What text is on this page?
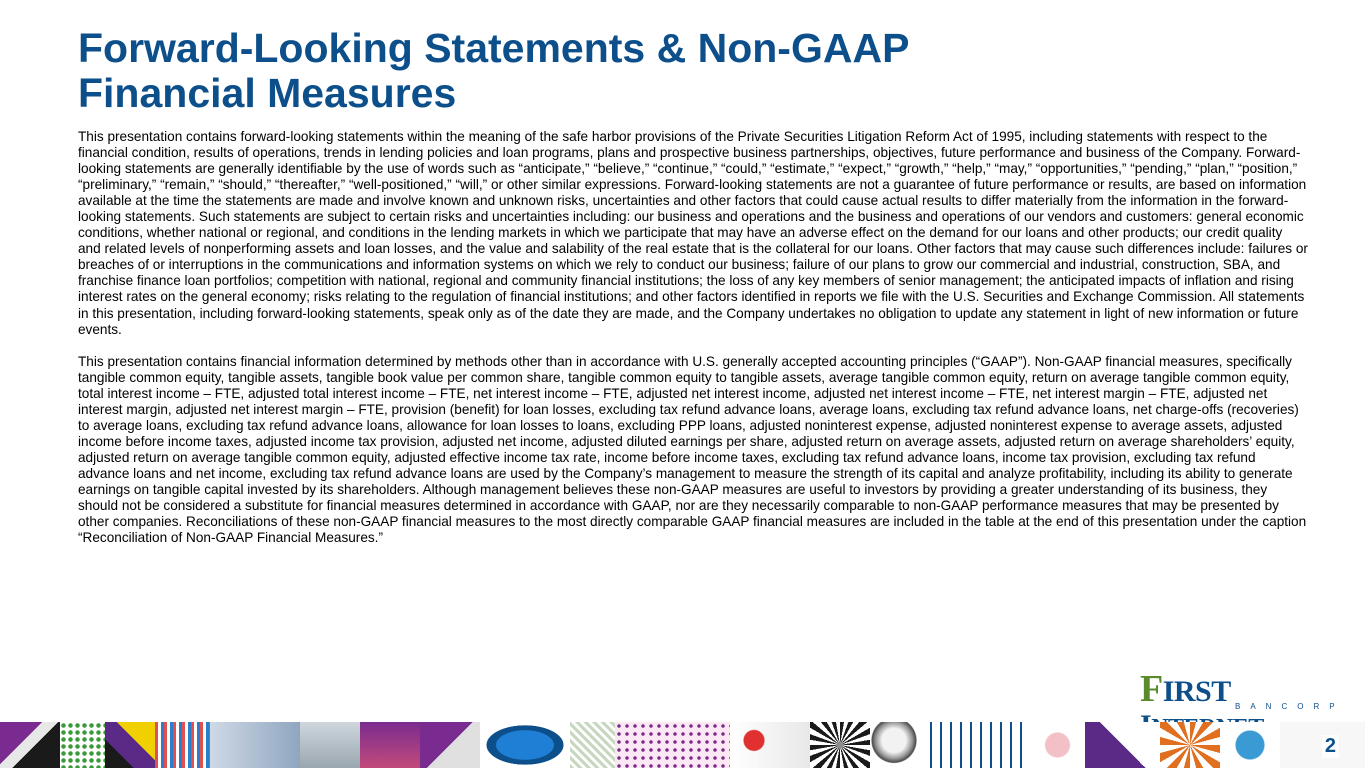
Forward-Looking Statements & Non-GAAP Financial Measures

This presentation contains forward-looking statements within the meaning of the safe harbor provisions of the Private Securities Litigation Reform Act of 1995, including statements with respect to the financial condition, results of operations, trends in lending policies and loan programs, plans and prospective business partnerships, objectives, future performance and business of the Company. Forward-looking statements are generally identifiable by the use of words such as “anticipate,” “believe,” “continue,” “could,” “estimate,” “expect,” “growth,” “help,” “may,” “opportunities,” “pending,” “plan,” “position,” “preliminary,” “remain,” “should,” “thereafter,” “well-positioned,” “will,” or other similar expressions. Forward-looking statements are not a guarantee of future performance or results, are based on information available at the time the statements are made and involve known and unknown risks, uncertainties and other factors that could cause actual results to differ materially from the information in the forward-looking statements. Such statements are subject to certain risks and uncertainties including: our business and operations and the business and operations of our vendors and customers: general economic conditions, whether national or regional, and conditions in the lending markets in which we participate that may have an adverse effect on the demand for our loans and other products; our credit quality and related levels of nonperforming assets and loan losses, and the value and salability of the real estate that is the collateral for our loans. Other factors that may cause such differences include: failures or breaches of or interruptions in the communications and information systems on which we rely to conduct our business; failure of our plans to grow our commercial and industrial, construction, SBA, and franchise finance loan portfolios; competition with national, regional and community financial institutions; the loss of any key members of senior management; the anticipated impacts of inflation and rising interest rates on the general economy; risks relating to the regulation of financial institutions; and other factors identified in reports we file with the U.S. Securities and Exchange Commission. All statements in this presentation, including forward-looking statements, speak only as of the date they are made, and the Company undertakes no obligation to update any statement in light of new information or future events.

This presentation contains financial information determined by methods other than in accordance with U.S. generally accepted accounting principles (“GAAP”). Non-GAAP financial measures, specifically tangible common equity, tangible assets, tangible book value per common share, tangible common equity to tangible assets, average tangible common equity, return on average tangible common equity, total interest income – FTE, adjusted total interest income – FTE, net interest income – FTE, adjusted net interest income, adjusted net interest income – FTE, net interest margin – FTE, adjusted net interest margin, adjusted net interest margin – FTE, provision (benefit) for loan losses, excluding tax refund advance loans, average loans, excluding tax refund advance loans, net charge-offs (recoveries) to average loans, excluding tax refund advance loans, allowance for loan losses to loans, excluding PPP loans, adjusted noninterest expense, adjusted noninterest expense to average assets, adjusted income before income taxes, adjusted income tax provision, adjusted net income, adjusted diluted earnings per share, adjusted return on average assets, adjusted return on average shareholders’ equity, adjusted return on average tangible common equity, adjusted effective income tax rate, income before income taxes, excluding tax refund advance loans, income tax provision, excluding tax refund advance loans and net income, excluding tax refund advance loans are used by the Company’s management to measure the strength of its capital and analyze profitability, including its ability to generate earnings on tangible capital invested by its shareholders. Although management believes these non-GAAP measures are useful to investors by providing a greater understanding of its business, they should not be considered a substitute for financial measures determined in accordance with GAAP, nor are they necessarily comparable to non-GAAP performance measures that may be presented by other companies. Reconciliations of these non-GAAP financial measures to the most directly comparable GAAP financial measures are included in the table at the end of this presentation under the caption “Reconciliation of Non-GAAP Financial Measures.”

FIRST BANCORP
2
